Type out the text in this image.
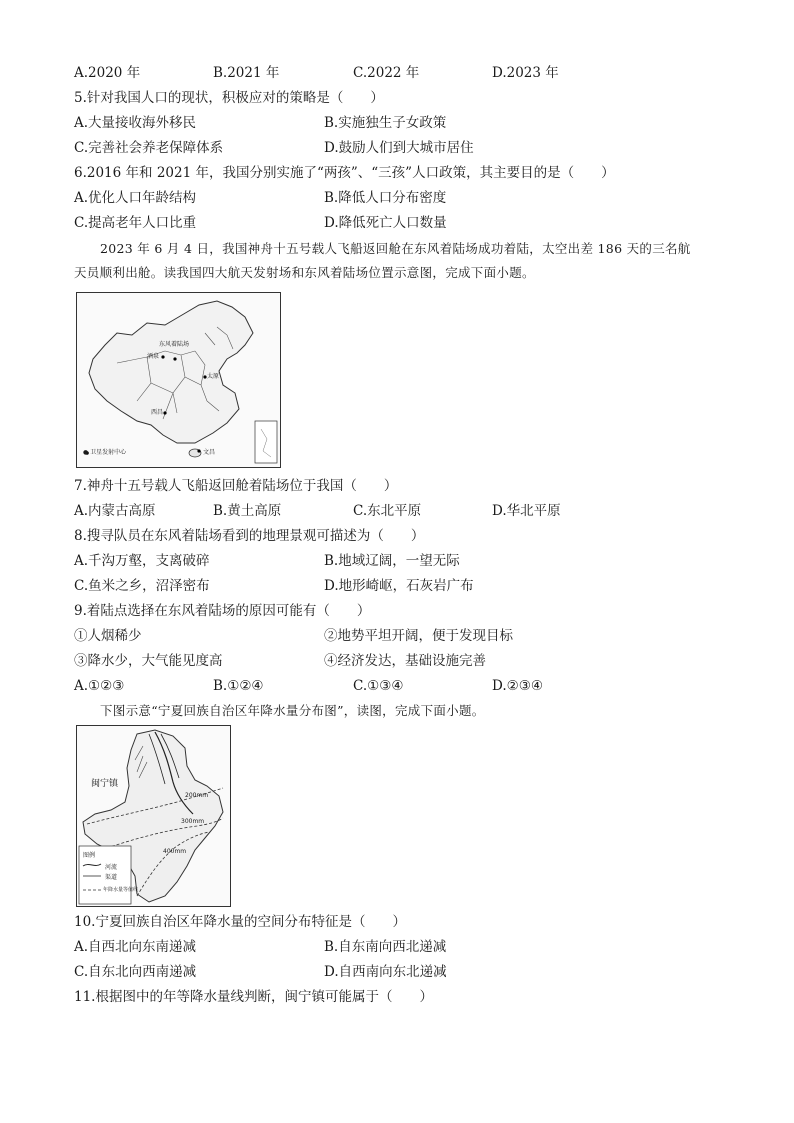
A.2020 年	B.2021 年	C.2022 年	D.2023 年
5.针对我国人口的现状，积极应对的策略是（　　）
A.大量接收海外移民	B.实施独生子女政策
C.完善社会养老保障体系	D.鼓励人们到大城市居住
6.2016 年和 2021 年，我国分别实施了“两孩”、“三孩”人口政策，其主要目的是（　　）
A.优化人口年龄结构	B.降低人口分布密度
C.提高老年人口比重	D.降低死亡人口数量
2023 年 6 月 4 日，我国神舟十五号载人飞船返回舱在东风着陆场成功着陆，太空出差 186 天的三名航
天员顺利出舱。读我国四大航天发射场和东风着陆场位置示意图，完成下面小题。
东风着陆场
酒泉
太原
西昌
文昌
● 卫星发射中心
7.神舟十五号载人飞船返回舱着陆场位于我国（　　）
A.内蒙古高原	B.黄土高原	C.东北平原	D.华北平原
8.搜寻队员在东风着陆场看到的地理景观可描述为（　　）
A.千沟万壑，支离破碎	B.地域辽阔，一望无际
C.鱼米之乡，沼泽密布	D.地形崎岖，石灰岩广布
9.着陆点选择在东风着陆场的原因可能有（　　）
①人烟稀少	②地势平坦开阔，便于发现目标
③降水少，大气能见度高	④经济发达，基础设施完善
A.①②③	B.①②④	C.①③④	D.②③④
下图示意“宁夏回族自治区年降水量分布图”，读图，完成下面小题。
闽宁镇
200mm
300mm
400mm
图例
河流
渠道
年降水量等值线
10.宁夏回族自治区年降水量的空间分布特征是（　　）
A.自西北向东南递减	B.自东南向西北递减
C.自东北向西南递减	D.自西南向东北递减
11.根据图中的年等降水量线判断，闽宁镇可能属于（　　）
